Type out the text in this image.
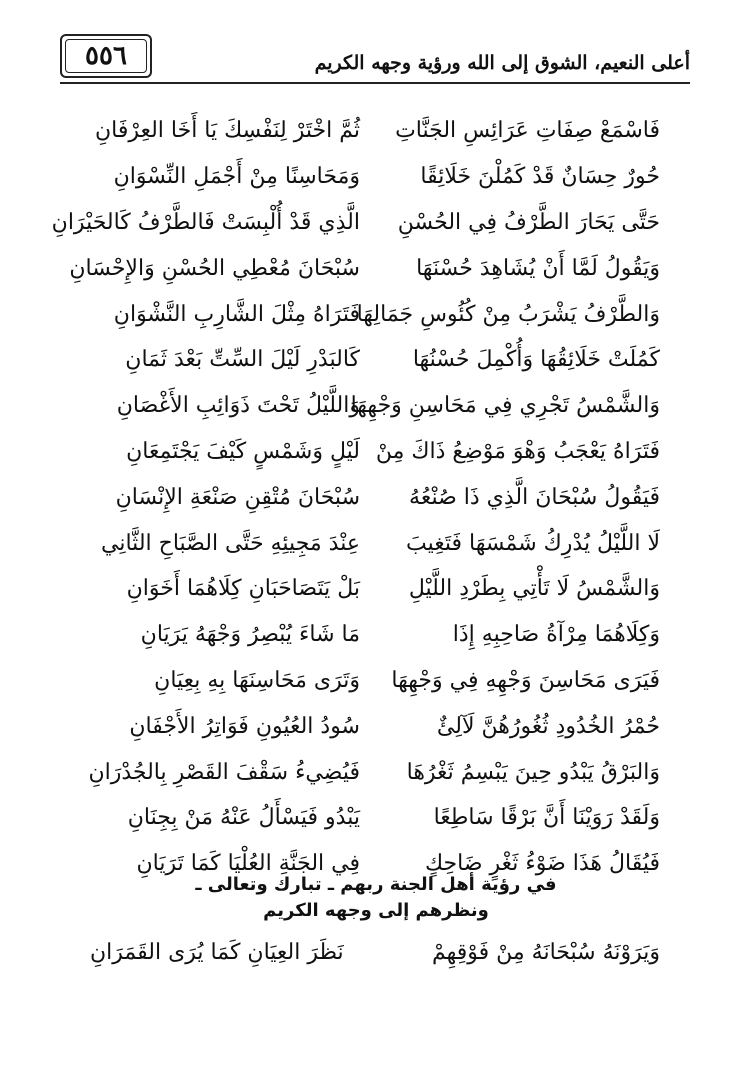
٥٥٦	أعلى النعيم، الشوق إلى الله ورؤية وجهه الكريم
فَاسْمَعْ صِفَاتِ عَرَائِسِ الجَنَّاتِ
ثُمَّ اخْتَرْ لِنَفْسِكَ يَا أَخَا العِرْفَانِ
حُورٌ حِسَانٌ قَدْ كَمُلْنَ خَلَائِقًا
وَمَحَاسِنًا مِنْ أَجْمَلِ النِّسْوَانِ
حَتَّى يَحَارَ الطَّرْفُ فِي الحُسْنِ
الَّذِي قَدْ أُلْبِسَتْ فَالطَّرْفُ كَالحَيْرَانِ
وَيَقُولُ لَمَّا أَنْ يُشَاهِدَ حُسْنَهَا
سُبْحَانَ مُعْطِي الحُسْنِ وَالإِحْسَانِ
وَالطَّرْفُ يَشْرَبُ مِنْ كُئُوسِ جَمَالِهَا
فَتَرَاهُ مِثْلَ الشَّارِبِ النَّشْوَانِ
كَمُلَتْ خَلَائِقُهَا وَأُكْمِلَ حُسْنُهَا
كَالبَدْرِ لَيْلَ السِّتِّ بَعْدَ ثَمَانِ
وَالشَّمْسُ تَجْرِي فِي مَحَاسِنِ وَجْهِهَا
وَاللَّيْلُ تَحْتَ ذَوَائِبِ الأَغْصَانِ
فَتَرَاهُ يَعْجَبُ وَهْوَ مَوْضِعُ ذَاكَ مِنْ
لَيْلٍ وَشَمْسٍ كَيْفَ يَجْتَمِعَانِ
فَيَقُولُ سُبْحَانَ الَّذِي ذَا صُنْعُهُ
سُبْحَانَ مُتْقِنِ صَنْعَةِ الإِنْسَانِ
لَا اللَّيْلُ يُدْرِكُ شَمْسَهَا فَتَغِيبَ
عِنْدَ مَجِيئِهِ حَتَّى الصَّبَاحِ الثَّانِي
وَالشَّمْسُ لَا تَأْتِي بِطَرْدِ اللَّيْلِ
بَلْ يَتَصَاحَبَانِ كِلَاهُمَا أَخَوَانِ
وَكِلَاهُمَا مِرْآةُ صَاحِبِهِ إِذَا
مَا شَاءَ يُبْصِرُ وَجْهَهُ يَرَيَانِ
فَيَرَى مَحَاسِنَ وَجْهِهِ فِي وَجْهِهَا
وَتَرَى مَحَاسِنَهَا بِهِ بِعِيَانِ
حُمْرُ الخُدُودِ ثُغُورُهُنَّ لَآلِئٌ
سُودُ العُيُونِ فَوَاتِرُ الأَجْفَانِ
وَالبَرْقُ يَبْدُو حِينَ يَبْسِمُ ثَغْرُهَا
فَيُضِيءُ سَقْفَ القَصْرِ بِالجُدْرَانِ
وَلَقَدْ رَوَيْنَا أَنَّ بَرْقًا سَاطِعًا
يَبْدُو فَيَسْأَلُ عَنْهُ مَنْ بِجِنَانِ
فَيُقَالُ هَذَا ضَوْءُ ثَغْرٍ ضَاحِكٍ
فِي الجَنَّةِ العُلْيَا كَمَا تَرَيَانِ
في رؤية أهل الجنة ربهم ـ تبارك وتعالى ـ
ونظرهم إلى وجهه الكريم
وَيَرَوْنَهُ سُبْحَانَهُ مِنْ فَوْقِهِمْ
نَظَرَ العِيَانِ كَمَا يُرَى القَمَرَانِ
